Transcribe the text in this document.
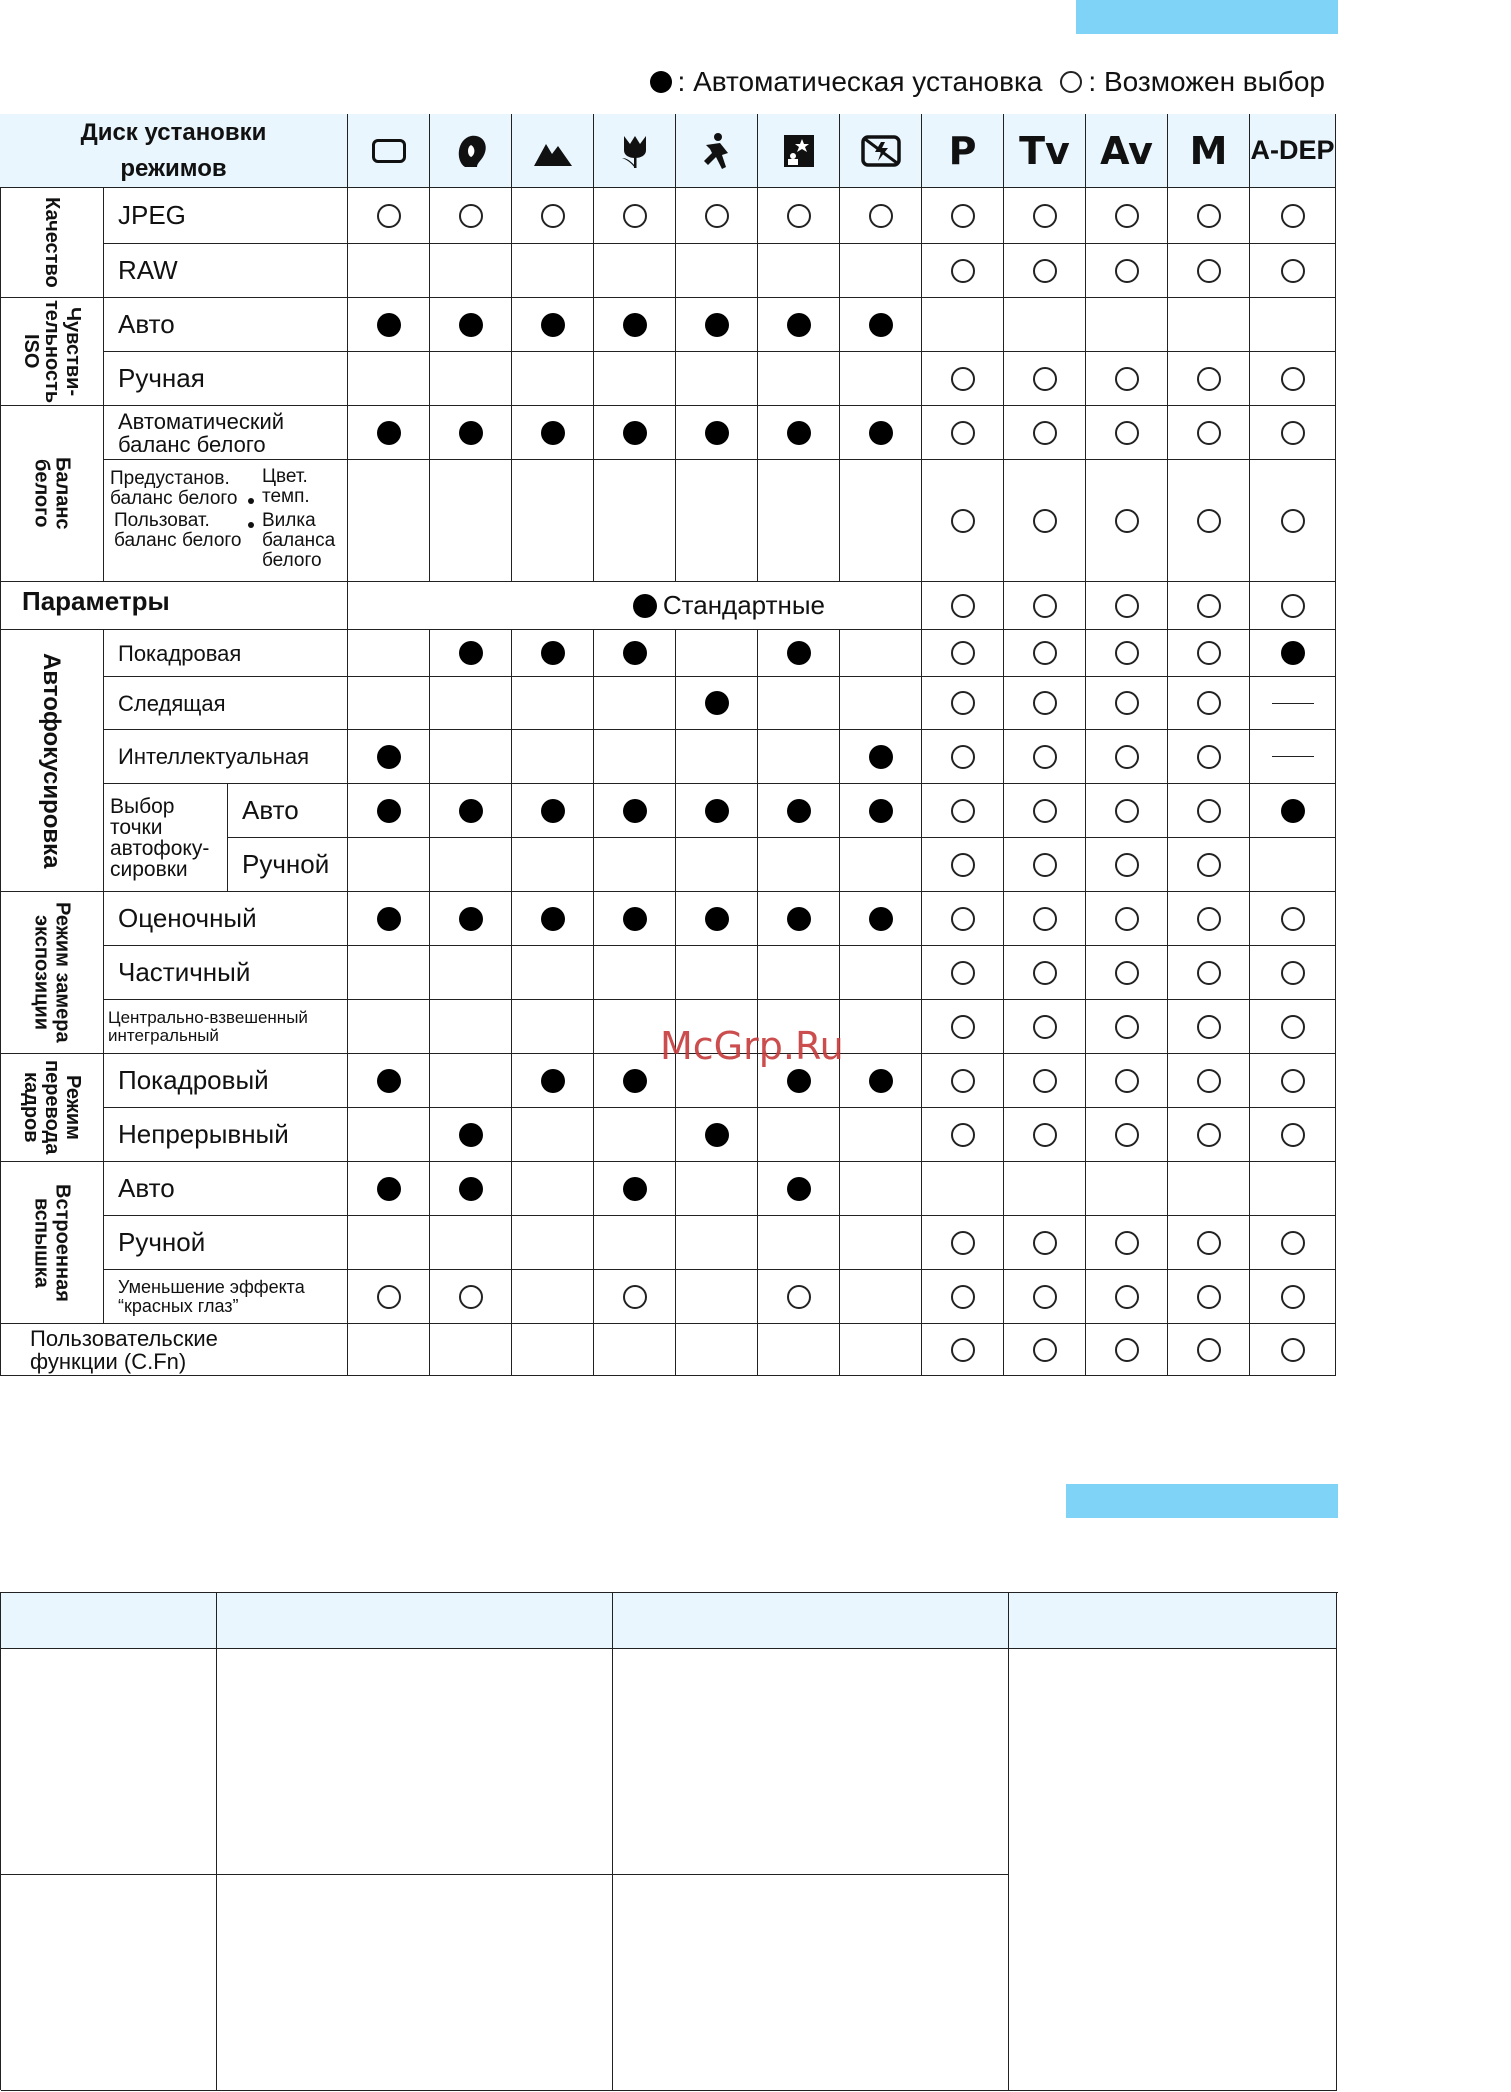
:
Автоматическая установка :
Возможен выбор
Диск установки режимов	P Tv Av M A-DEP
Качество
Чувстви-
тельность
ISO
Баланс
белого
Автофокусировка
Режим замера
экспозиции
Режим
перевода
кадров
Встроенная
вспышка
JPEG
RAW
Авто
Ручная
Автоматический
баланс белого
Предустанов.
баланс белого
Пользоват.
баланс белого
Цвет.
темп.
Вилка
баланса
белого
Параметры	Стандартные
Покадровая
Следящая
Интеллектуальная
Выбор
точки
автофоку-
сировки
Авто
Ручной
Оценочный
Частичный
Центрально-взвешенный
интегральный
Покадровый
Непрерывный
Авто
Ручной
Уменьшение эффекта
“красных глаз”
Пользовательские
функции (C.Fn)
McGrp.Ru
